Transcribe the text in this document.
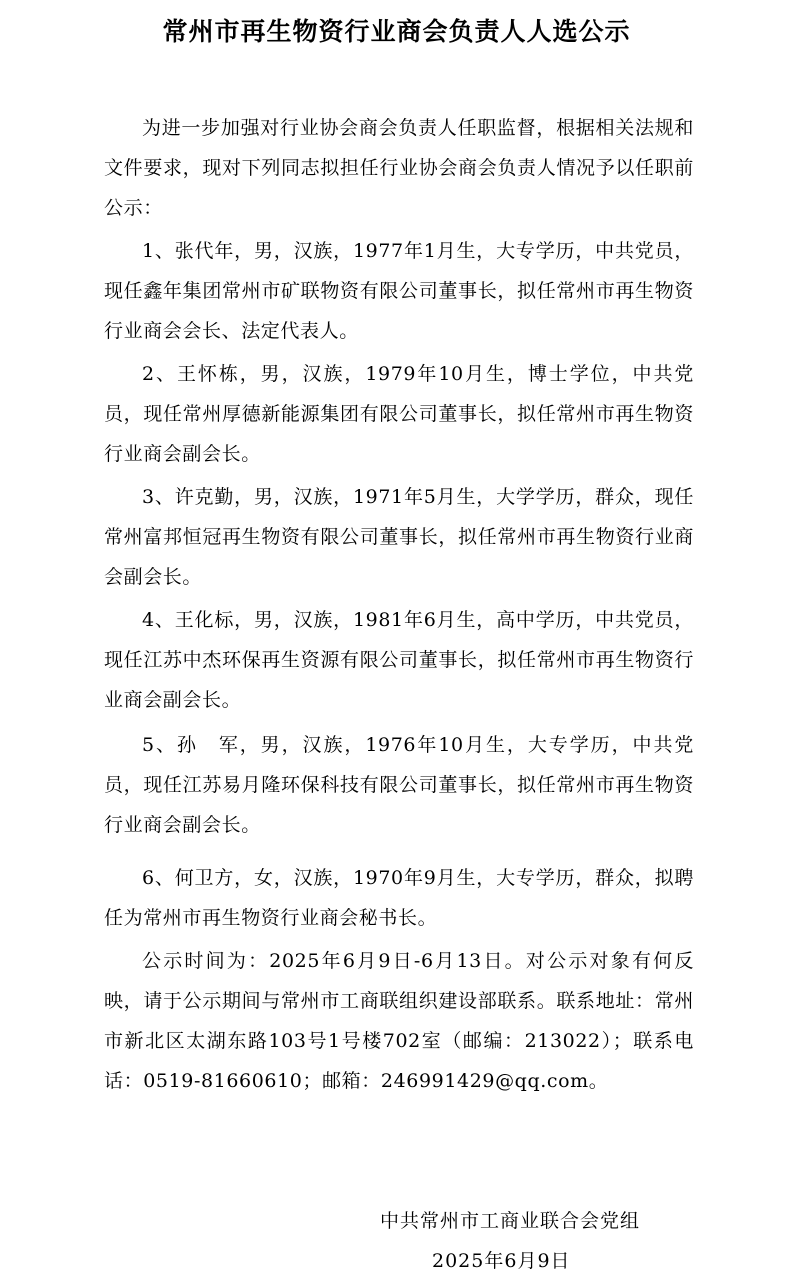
常州市再生物资行业商会负责人人选公示

为进一步加强对行业协会商会负责人任职监督，根据相关法规和文件要求，现对下列同志拟担任行业协会商会负责人情况予以任职前公示：

1、张代年，男，汉族，1977年1月生，大专学历，中共党员，现任鑫年集团常州市矿联物资有限公司董事长，拟任常州市再生物资行业商会会长、法定代表人。

2、王怀栋，男，汉族，1979年10月生，博士学位，中共党员，现任常州厚德新能源集团有限公司董事长，拟任常州市再生物资行业商会副会长。

3、许克勤，男，汉族，1971年5月生，大学学历，群众，现任常州富邦恒冠再生物资有限公司董事长，拟任常州市再生物资行业商会副会长。

4、王化标，男，汉族，1981年6月生，高中学历，中共党员，现任江苏中杰环保再生资源有限公司董事长，拟任常州市再生物资行业商会副会长。

5、孙　军，男，汉族，1976年10月生，大专学历，中共党员，现任江苏易月隆环保科技有限公司董事长，拟任常州市再生物资行业商会副会长。

6、何卫方，女，汉族，1970年9月生，大专学历，群众，拟聘任为常州市再生物资行业商会秘书长。

公示时间为：2025年6月9日-6月13日。对公示对象有何反映，请于公示期间与常州市工商联组织建设部联系。联系地址：常州市新北区太湖东路103号1号楼702室（邮编：213022）；联系电话：0519-81660610；邮箱：246991429@qq.com。

中共常州市工商业联合会党组
2025年6月9日
